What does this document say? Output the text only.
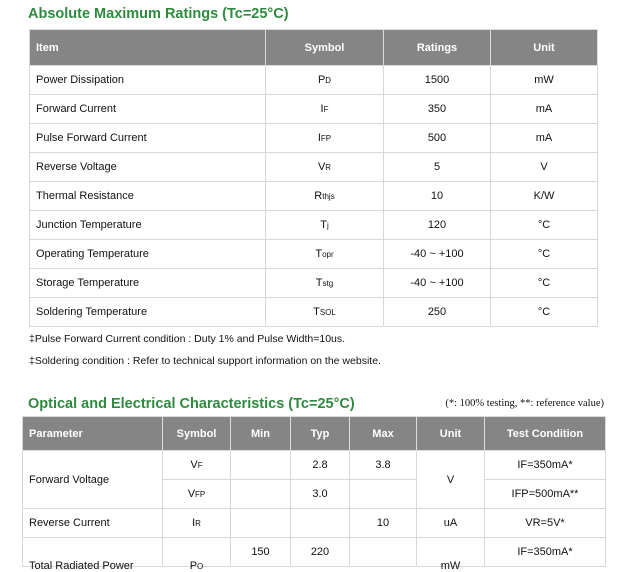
Absolute Maximum Ratings (Tc=25°C)
Item	Symbol	Ratings	Unit
Power Dissipation	PD	1500	mW
Forward Current	IF	350	mA
Pulse Forward Current	IFP	500	mA
Reverse Voltage	VR	5	V
Thermal Resistance	Rthjs	10	K/W
Junction Temperature	Tj	120	°C
Operating Temperature	Topr	-40 ~ +100	°C
Storage Temperature	Tstg	-40 ~ +100	°C
Soldering Temperature	TSOL	250	°C

‡Pulse Forward Current condition : Duty 1% and Pulse Width=10us.

‡Soldering condition : Refer to technical support information on the website.

Optical and Electrical Characteristics (Tc=25°C)	(*: 100% testing, **: reference value)
Parameter	Symbol	Min	Typ	Max	Unit	Test Condition
Forward Voltage	VF		2.8	3.8	V	IF=350mA*
	VFP		3.0			IFP=500mA**
Reverse Current	IR			10	uA	VR=5V*
Total Radiated Power	PO	150	220		mW	IF=350mA*
